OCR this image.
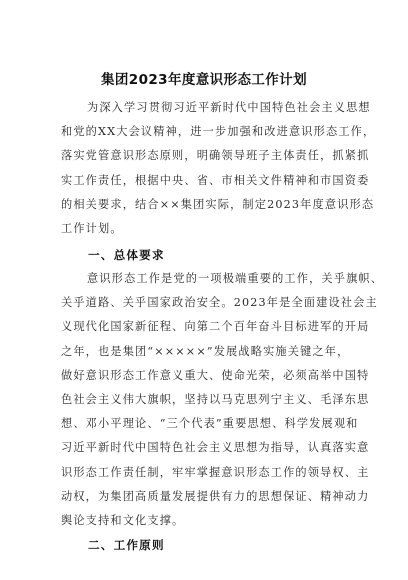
集团2023年度意识形态工作计划
为深入学习贯彻习近平新时代中国特色社会主义思想
和党的XX大会议精神，进一步加强和改进意识形态工作，
落实党管意识形态原则，明确领导班子主体责任，抓紧抓
实工作责任，根据中央、省、市相关文件精神和市国资委
的相关要求，结合××集团实际，制定2023年度意识形态
工作计划。
一、总体要求
意识形态工作是党的一项极端重要的工作，关乎旗帜、
关乎道路、关乎国家政治安全。2023年是全面建设社会主
义现代化国家新征程、向第二个百年奋斗目标进军的开局
之年，也是集团“×××××”发展战略实施关键之年，
做好意识形态工作意义重大、使命光荣，必须高举中国特
色社会主义伟大旗帜，坚持以马克思列宁主义、毛泽东思
想、邓小平理论、“三个代表”重要思想、科学发展观和
习近平新时代中国特色社会主义思想为指导，认真落实意
识形态工作责任制，牢牢掌握意识形态工作的领导权、主
动权，为集团高质量发展提供有力的思想保证、精神动力
舆论支持和文化支撑。
二、工作原则
